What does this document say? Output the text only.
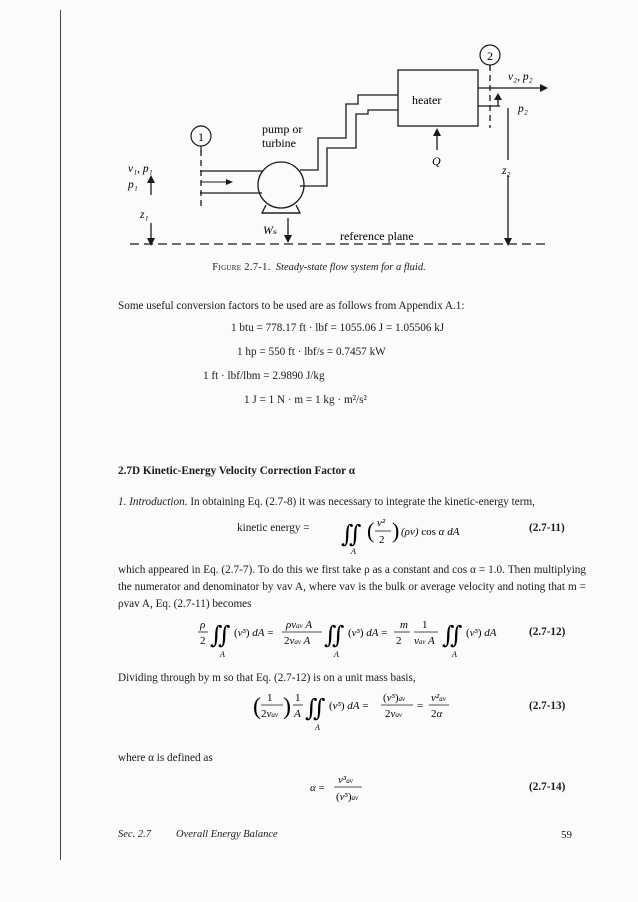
1
2
heater
pump or
turbine
v₁, p₁
p₁
z₁
Wₛ	reference plane
v₂, p₂
p₂
z₂
Q
Figure 2.7-1. Steady-state flow system for a fluid.
Some useful conversion factors to be used are as follows from Appendix A.1:
1 btu = 778.17 ft · lbf = 1055.06 J = 1.05506 kJ
1 hp = 550 ft · lbf/s = 0.7457 kW
1 ft · lbf/lbm = 2.9890 J/kg
1 J = 1 N · m = 1 kg · m²/s²
2.7D Kinetic-Energy Velocity Correction Factor α
1. Introduction. In obtaining Eq. (2.7-8) it was necessary to integrate the kinetic-energy term,
kinetic energy = ∬ ( v²
2 ) (ρv) cos α dA
A
(2.7-11)
which appeared in Eq. (2.7-7). To do this we first take ρ as a constant and cos α = 1.0. Then multiplying the numerator and denominator by vav A, where vav is the bulk or average velocity and noting that m = ρvav A, Eq. (2.7-11) becomes
ρ
2 ∬ (v³) dA =
ρvav A
2vav A ∬ (v³) dA =
m
2
1
vav A ∬ (v³) dA
A	A	A
(2.7-12)
Dividing through by m so that Eq. (2.7-12) is on a unit mass basis,
( 1
2vav ) 1
A ∬ (v³) dA =
(v³)av
2vav
=
v²av
2α
A
(2.7-13)
where α is defined as
α =
v³av
(v³)av
(2.7-14)
Sec. 2.7 Overall Energy Balance	59
